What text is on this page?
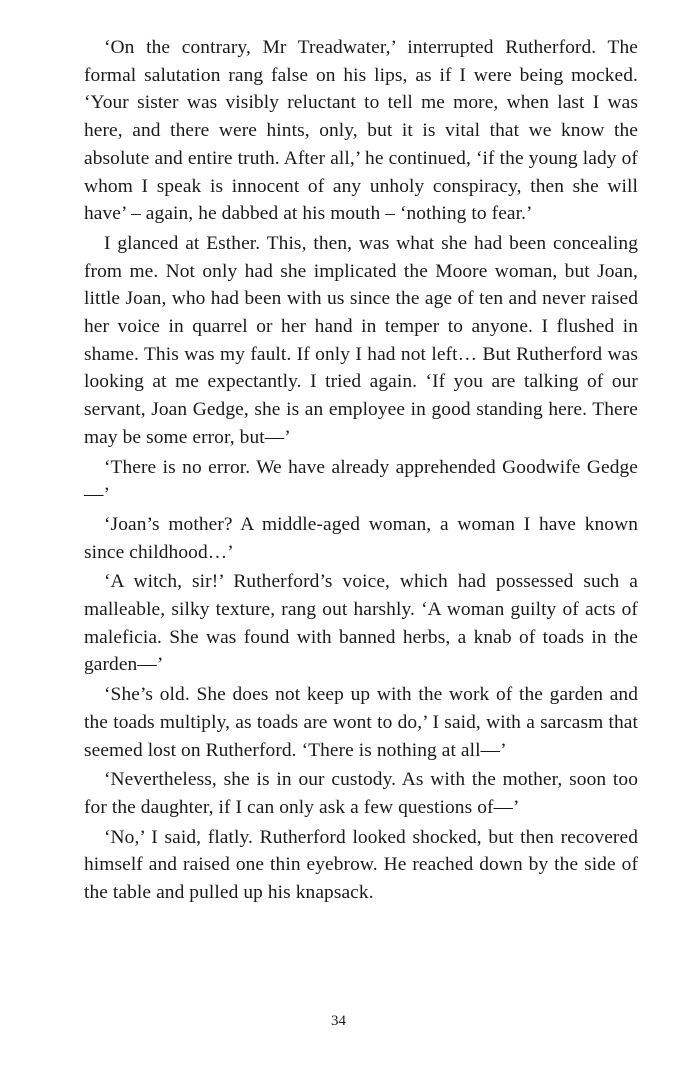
‘On the contrary, Mr Treadwater,’ interrupted Rutherford. The formal salutation rang false on his lips, as if I were being mocked. ‘Your sister was visibly reluctant to tell me more, when last I was here, and there were hints, only, but it is vital that we know the absolute and entire truth. After all,’ he continued, ‘if the young lady of whom I speak is innocent of any unholy conspiracy, then she will have’ – again, he dabbed at his mouth – ‘nothing to fear.’

I glanced at Esther. This, then, was what she had been concealing from me. Not only had she implicated the Moore woman, but Joan, little Joan, who had been with us since the age of ten and never raised her voice in quarrel or her hand in temper to anyone. I flushed in shame. This was my fault. If only I had not left… But Rutherford was looking at me expectantly. I tried again. ‘If you are talking of our servant, Joan Gedge, she is an employee in good standing here. There may be some error, but—’

‘There is no error. We have already apprehended Goodwife Gedge—’

‘Joan’s mother? A middle-aged woman, a woman I have known since childhood…’

‘A witch, sir!’ Rutherford’s voice, which had possessed such a malleable, silky texture, rang out harshly. ‘A woman guilty of acts of maleficia. She was found with banned herbs, a knab of toads in the garden—’

‘She’s old. She does not keep up with the work of the garden and the toads multiply, as toads are wont to do,’ I said, with a sarcasm that seemed lost on Rutherford. ‘There is nothing at all—’

‘Nevertheless, she is in our custody. As with the mother, soon too for the daughter, if I can only ask a few questions of—’

‘No,’ I said, flatly. Rutherford looked shocked, but then recovered himself and raised one thin eyebrow. He reached down by the side of the table and pulled up his knapsack.

34
